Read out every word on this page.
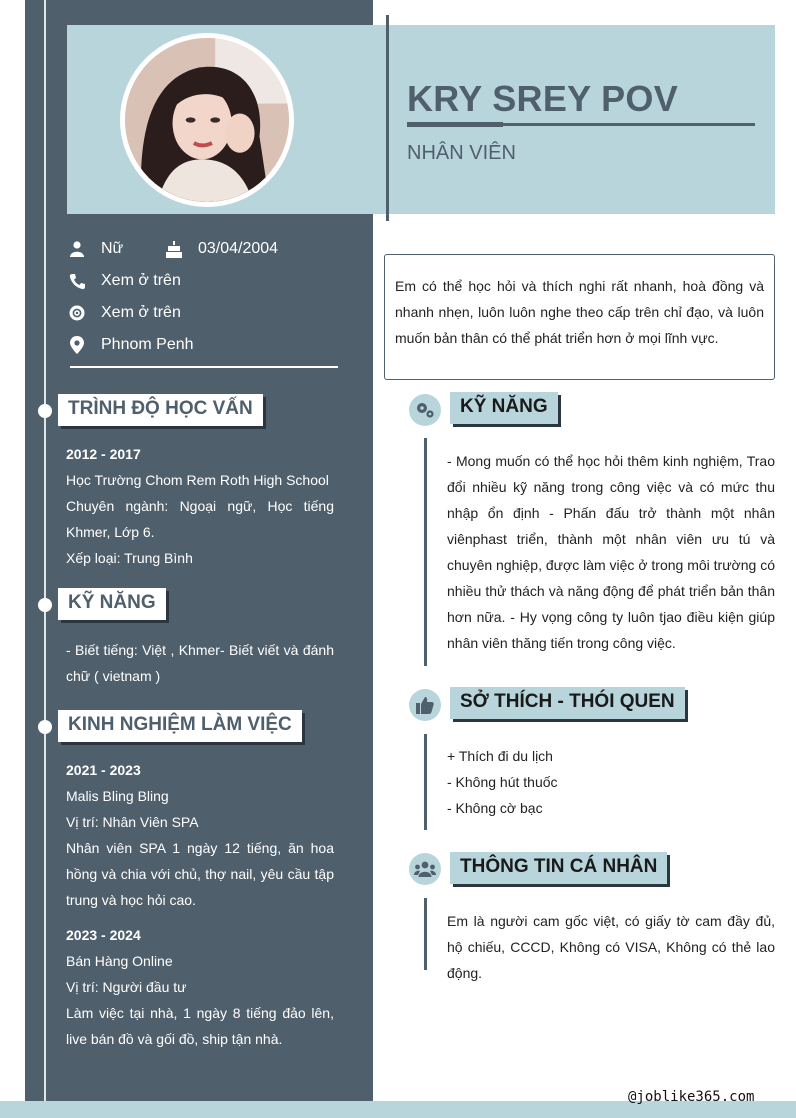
KRY SREY POV
NHÂN VIÊN
Nữ	03/04/2004
Xem ở trên
Xem ở trên
Phnom Penh
TRÌNH ĐỘ HỌC VẤN
2012 - 2017
Học Trường Chom Rem Roth High School
Chuyên ngành: Ngoại ngữ, Học tiếng Khmer, Lớp 6.
Xếp loại: Trung Bình
KỸ NĂNG
- Biết tiếng: Việt , Khmer- Biết viết và đánh chữ ( vietnam )
KINH NGHIỆM LÀM VIỆC
2021 - 2023
Malis Bling Bling
Vị trí: Nhân Viên SPA
Nhân viên SPA 1 ngày 12 tiếng, ăn hoa hồng và chia với chủ, thợ nail, yêu cầu tập trung và học hỏi cao.
2023 - 2024
Bán Hàng Online
Vị trí: Người đầu tư
Làm việc tại nhà, 1 ngày 8 tiếng đảo lên, live bán đồ và gối đồ, ship tận nhà.
Em có thể học hỏi và thích nghi rất nhanh, hoà đồng và nhanh nhẹn, luôn luôn nghe theo cấp trên chỉ đạo, và luôn muốn bản thân có thể phát triển hơn ở mọi lĩnh vực.
KỸ NĂNG
- Mong muốn có thể học hỏi thêm kinh nghiệm, Trao đổi nhiều kỹ năng trong công việc và có mức thu nhập ổn định - Phấn đấu trở thành một nhân viênphast triển, thành một nhân viên ưu tú và chuyên nghiệp, được làm việc ở trong môi trường có nhiều thử thách và năng động để phát triển bản thân hơn nữa. - Hy vọng công ty luôn tjao điều kiện giúp nhân viên thăng tiến trong công việc.
SỞ THÍCH - THÓI QUEN
+ Thích đi du lịch
- Không hút thuốc
- Không cờ bạc
THÔNG TIN CÁ NHÂN
Em là người cam gốc việt, có giấy tờ cam đầy đủ, hộ chiếu, CCCD, Không có VISA, Không có thẻ lao động.
@joblike365.com
